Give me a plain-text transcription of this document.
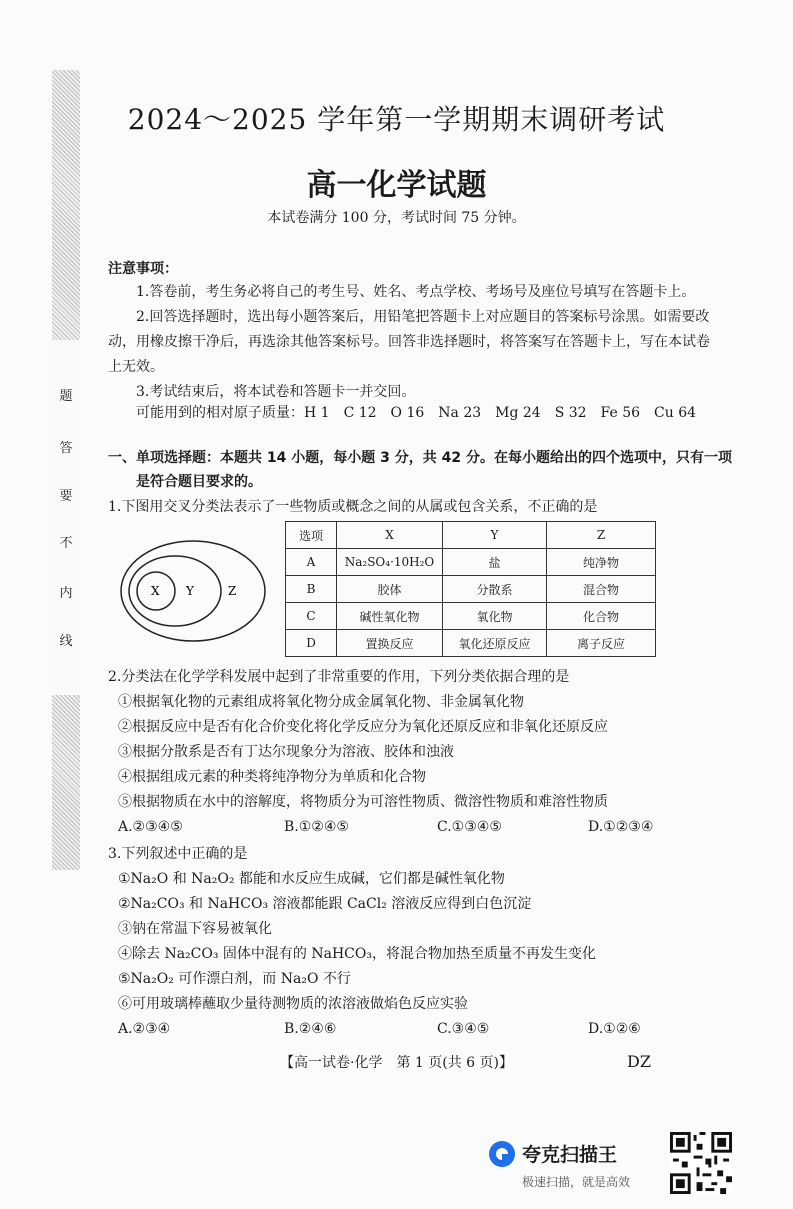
题
答
要
不
内
线
2024～2025 学年第一学期期末调研考试
高一化学试题
本试卷满分 100 分，考试时间 75 分钟。
注意事项：
1.答卷前，考生务必将自己的考生号、姓名、考点学校、考场号及座位号填写在答题卡上。
2.回答选择题时，选出每小题答案后，用铅笔把答题卡上对应题目的答案标号涂黑。如需要改动，用橡皮擦干净后，再选涂其他答案标号。回答非选择题时，将答案写在答题卡上，写在本试卷上无效。
3.考试结束后，将本试卷和答题卡一并交回。
可能用到的相对原子质量：H 1　C 12　O 16　Na 23　Mg 24　S 32　Fe 56　Cu 64
一、单项选择题：本题共 14 小题，每小题 3 分，共 42 分。在每小题给出的四个选项中，只有一项
是符合题目要求的。
1.下图用交叉分类法表示了一些物质或概念之间的从属或包含关系，不正确的是
X Y	Z
选项	X	Y	Z
A	Na₂SO₄·10H₂O	盐	纯净物
B	胶体	分散系	混合物
C	碱性氧化物	氧化物	化合物
D	置换反应	氧化还原反应	离子反应
2.分类法在化学学科发展中起到了非常重要的作用，下列分类依据合理的是
①根据氧化物的元素组成将氧化物分成金属氧化物、非金属氧化物
②根据反应中是否有化合价变化将化学反应分为氧化还原反应和非氧化还原反应
③根据分散系是否有丁达尔现象分为溶液、胶体和浊液
④根据组成元素的种类将纯净物分为单质和化合物
⑤根据物质在水中的溶解度，将物质分为可溶性物质、微溶性物质和难溶性物质
A.②③④⑤	B.①②④⑤	C.①③④⑤	D.①②③④
3.下列叙述中正确的是
①Na₂O 和 Na₂O₂ 都能和水反应生成碱，它们都是碱性氧化物
②Na₂CO₃ 和 NaHCO₃ 溶液都能跟 CaCl₂ 溶液反应得到白色沉淀
③钠在常温下容易被氧化
④除去 Na₂CO₃ 固体中混有的 NaHCO₃，将混合物加热至质量不再发生变化
⑤Na₂O₂ 可作漂白剂，而 Na₂O 不行
⑥可用玻璃棒蘸取少量待测物质的浓溶液做焰色反应实验
A.②③④	B.②④⑥	C.③④⑤	D.①②⑥
【高一试卷·化学　第 1 页(共 6 页)】	DZ
夸克扫描王
极速扫描，就是高效
